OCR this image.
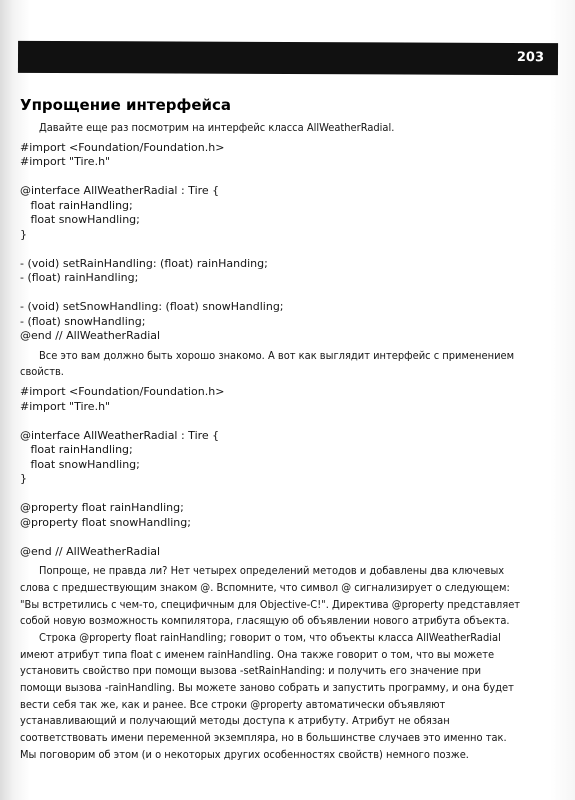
203
Упрощение интерфейса

Давайте еще раз посмотрим на интерфейс класса AllWeatherRadial.

#import <Foundation/Foundation.h>
#import "Tire.h"
@interface AllWeatherRadial : Tire {
float rainHandling;
float snowHandling;
}
- (void) setRainHandling: (float) rainHanding;
- (float) rainHandling;
- (void) setSnowHandling: (float) snowHandling;
- (float) snowHandling;
@end // AllWeatherRadial

Все это вам должно быть хорошо знакомо. А вот как выглядит интерфейс с применением свойств.

#import <Foundation/Foundation.h>
#import "Tire.h"
@interface AllWeatherRadial : Tire {
float rainHandling;
float snowHandling;
}
@property float rainHandling;
@property float snowHandling;
@end // AllWeatherRadial

Попроще, не правда ли? Нет четырех определений методов и добавлены два ключевых слова с предшествующим знаком @. Вспомните, что символ @ сигнализирует о следующем: "Вы встретились с чем-то, специфичным для Objective-C!". Директива @property представляет собой новую возможность компилятора, гласящую об объявлении нового атрибута объекта.

Строка @property float rainHandling; говорит о том, что объекты класса AllWeatherRadial имеют атрибут типа float с именем rainHandling. Она также говорит о том, что вы можете установить свойство при помощи вызова -setRainHanding: и получить его значение при помощи вызова -rainHandling. Вы можете заново собрать и запустить программу, и она будет вести себя так же, как и ранее. Все строки @property автоматически объявляют устанавливающий и получающий методы доступа к атрибуту. Атрибут не обязан соответствовать имени переменной экземпляра, но в большинстве случаев это именно так. Мы поговорим об этом (и о некоторых других особенностях свойств) немного позже.
